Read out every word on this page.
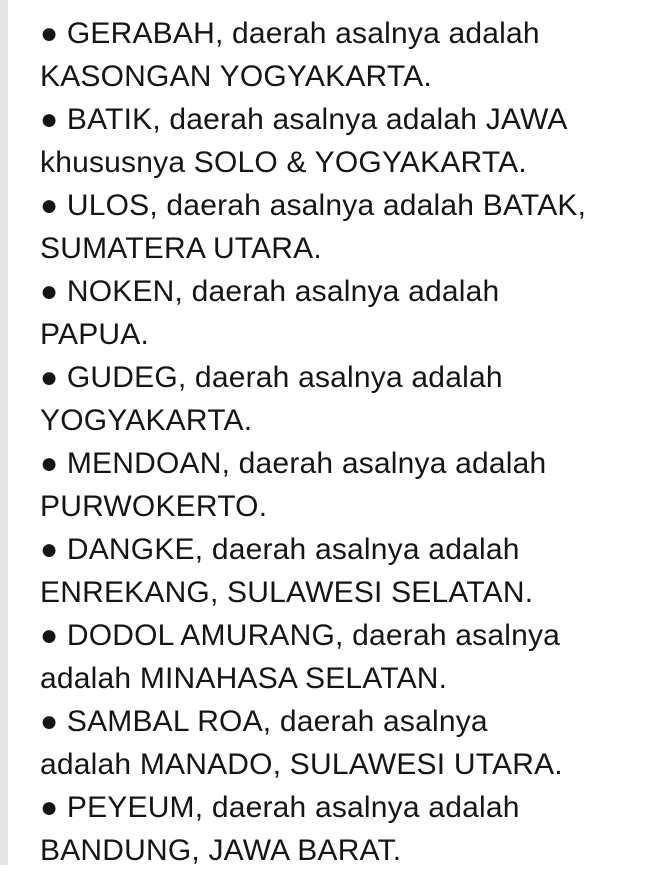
● GERABAH, daerah asalnya adalah
KASONGAN YOGYAKARTA.
● BATIK, daerah asalnya adalah JAWA
khususnya SOLO & YOGYAKARTA.
● ULOS, daerah asalnya adalah BATAK,
SUMATERA UTARA.
● NOKEN, daerah asalnya adalah
PAPUA.
● GUDEG, daerah asalnya adalah
YOGYAKARTA.
● MENDOAN, daerah asalnya adalah
PURWOKERTO.
● DANGKE, daerah asalnya adalah
ENREKANG, SULAWESI SELATAN.
● DODOL AMURANG, daerah asalnya
adalah MINAHASA SELATAN.
● SAMBAL ROA, daerah asalnya
adalah MANADO, SULAWESI UTARA.
● PEYEUM, daerah asalnya adalah
BANDUNG, JAWA BARAT.
